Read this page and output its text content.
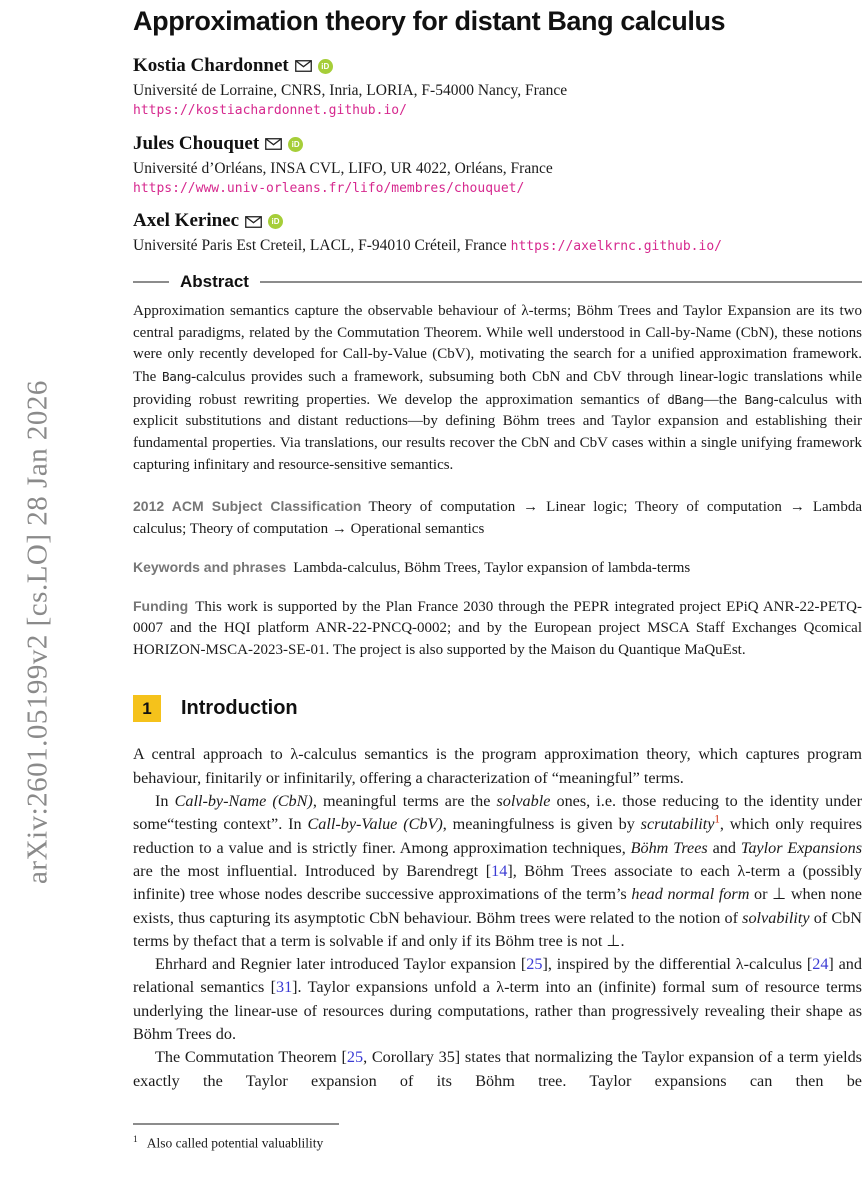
arXiv:2601.05199v2 [cs.LO] 28 Jan 2026
Approximation theory for distant Bang calculus
Kostia Chardonnet	iD
Université de Lorraine, CNRS, Inria, LORIA, F-54000 Nancy, France
https://kostiachardonnet.github.io/
Jules Chouquet	iD
Université d’Orléans, INSA CVL, LIFO, UR 4022, Orléans, France
https://www.univ-orleans.fr/lifo/membres/chouquet/
Axel Kerinec	iD
Université Paris Est Creteil, LACL, F-94010 Créteil, France https://axelkrnc.github.io/
Abstract

Approximation semantics capture the observable behaviour of λ-terms; Böhm Trees and Taylor Expansion are its two central paradigms, related by the Commutation Theorem. While well understood in Call-by-Name (CbN), these notions were only recently developed for Call-by-Value (CbV), motivating the search for a unified approximation framework. The Bang-calculus provides such a framework, subsuming both CbN and CbV through linear-logic translations while providing robust rewriting properties. We develop the approximation semantics of dBang—the Bang-calculus with explicit substitutions and distant reductions—by defining Böhm trees and Taylor expansion and establishing their fundamental properties. Via translations, our results recover the CbN and CbV cases within a single unifying framework capturing infinitary and resource-sensitive semantics.

2012 ACM Subject Classification Theory of computation → Linear logic; Theory of computation → Lambda calculus; Theory of computation → Operational semantics

Keywords and phrases Lambda-calculus, Böhm Trees, Taylor expansion of lambda-terms

Funding This work is supported by the Plan France 2030 through the PEPR integrated project EPiQ ANR-22-PETQ-0007 and the HQI platform ANR-22-PNCQ-0002; and by the European project MSCA Staff Exchanges Qcomical HORIZON-MSCA-2023-SE-01. The project is also supported by the Maison du Quantique MaQuEst.

1	Introduction

A central approach to λ-calculus semantics is the program approximation theory, which captures program behaviour, finitarily or infinitarily, offering a characterization of “meaningful” terms.

In Call-by-Name (CbN), meaningful terms are the solvable ones, i.e. those reducing to the identity under some“testing context”. In Call-by-Value (CbV), meaningfulness is given by scrutability$^1$, which only requires reduction to a value and is strictly finer. Among approximation techniques, Böhm Trees and Taylor Expansions are the most influential. Introduced by Barendregt [14], Böhm Trees associate to each λ-term a (possibly infinite) tree whose nodes describe successive approximations of the term’s head normal form or ⊥ when none exists, thus capturing its asymptotic CbN behaviour. Böhm trees were related to the notion of solvability of CbN terms by thefact that a term is solvable if and only if its Böhm tree is not ⊥.

Ehrhard and Regnier later introduced Taylor expansion [25], inspired by the differential λ-calculus [24] and relational semantics [31]. Taylor expansions unfold a λ-term into an (infinite) formal sum of resource terms underlying the linear-use of resources during computations, rather than progressively revealing their shape as Böhm Trees do.

The Commutation Theorem [25, Corollary 35] states that normalizing the Taylor expansion of a term yields exactly the Taylor expansion of its Böhm tree. Taylor expansions can then be

$^1$ Also called potential valuablility
